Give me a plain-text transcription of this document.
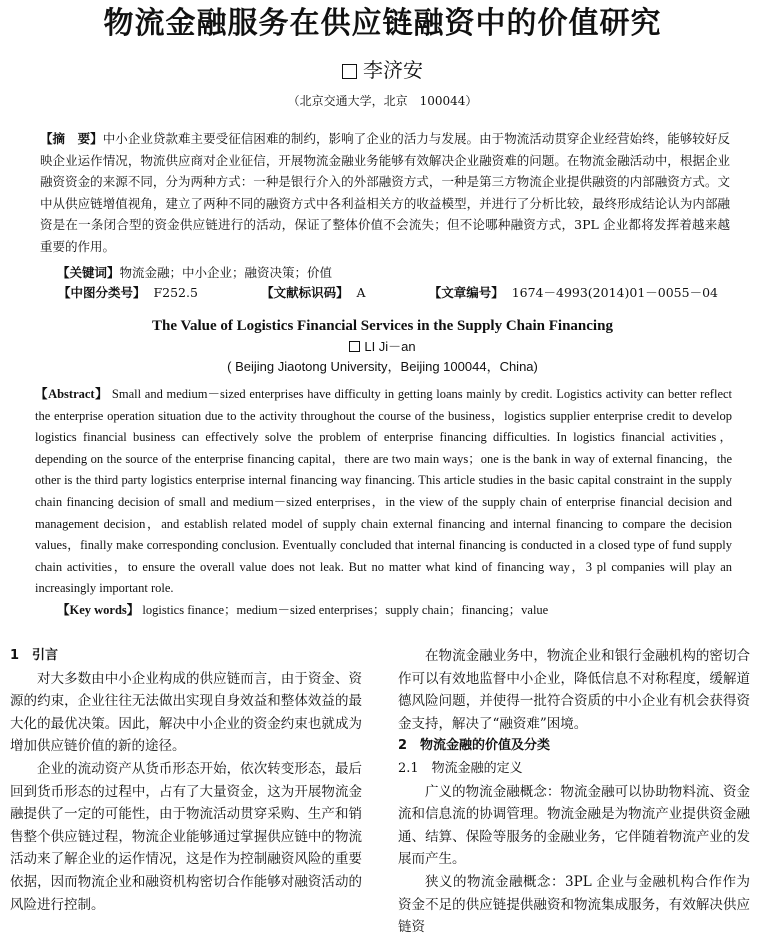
物流金融服务在供应链融资中的价值研究
李济安
（北京交通大学，北京　100044）
【摘　要】中小企业贷款难主要受征信困难的制约，影响了企业的活力与发展。由于物流活动贯穿企业经营始终，能够较好反映企业运作情况，物流供应商对企业征信，开展物流金融业务能够有效解决企业融资难的问题。在物流金融活动中，根据企业融资资金的来源不同，分为两种方式：一种是银行介入的外部融资方式，一种是第三方物流企业提供融资的内部融资方式。文中从供应链增值视角，建立了两种不同的融资方式中各利益相关方的收益模型，并进行了分析比较，最终形成结论认为内部融资是在一条闭合型的资金供应链进行的活动，保证了整体价值不会流失；但不论哪种融资方式，3PL 企业都将发挥着越来越重要的作用。
【关键词】物流金融；中小企业；融资决策；价值
【中图分类号】 F252.5	【文献标识码】 A	【文章编号】 1674－4993(2014)01－0055－04
The Value of Logistics Financial Services in the Supply Chain Financing
LI Ji－an
( Beijing Jiaotong University，Beijing 100044，China)
【Abstract】 Small and medium－sized enterprises have difficulty in getting loans mainly by credit. Logistics activity can better reflect the enterprise operation situation due to the activity throughout the course of the business，logistics supplier enterprise credit to develop logistics financial business can effectively solve the problem of enterprise financing difficulties. In logistics financial activities，depending on the source of the enterprise financing capital，there are two main ways；one is the bank in way of external financing，the other is the third party logistics enterprise internal financing way financing. This article studies in the basic capital constraint in the supply chain financing decision of small and medium－sized enterprises，in the view of the supply chain of enterprise financial decision and management decision，and establish related model of supply chain external financing and internal financing to compare the decision values，finally make corresponding conclusion. Eventually concluded that internal financing is conducted in a closed type of fund supply chain activities，to ensure the overall value does not leak. But no matter what kind of financing way，3 pl companies will play an increasingly important role.
【Key words】 logistics finance；medium－sized enterprises；supply chain；financing；value
1　引言

对大多数由中小企业构成的供应链而言，由于资金、资源的约束，企业往往无法做出实现自身效益和整体效益的最大化的最优决策。因此，解决中小企业的资金约束也就成为增加供应链价值的新的途径。

企业的流动资产从货币形态开始，依次转变形态，最后回到货币形态的过程中，占有了大量资金，这为开展物流金融提供了一定的可能性，由于物流活动贯穿采购、生产和销售整个供应链过程，物流企业能够通过掌握供应链中的物流活动来了解企业的运作情况，这是作为控制融资风险的重要依据，因而物流企业和融资机构密切合作能够对融资活动的风险进行控制。

在物流金融业务中，物流企业和银行金融机构的密切合作可以有效地监督中小企业，降低信息不对称程度，缓解道德风险问题，并使得一批符合资质的中小企业有机会获得资金支持，解决了“融资难”困境。

2　物流金融的价值及分类
2.1　物流金融的定义

广义的物流金融概念：物流金融可以协助物料流、资金流和信息流的协调管理。物流金融是为物流产业提供资金融通、结算、保险等服务的金融业务，它伴随着物流产业的发展而产生。

狭义的物流金融概念：3PL 企业与金融机构合作作为资金不足的供应链提供融资和物流集成服务，有效解决供应链资
